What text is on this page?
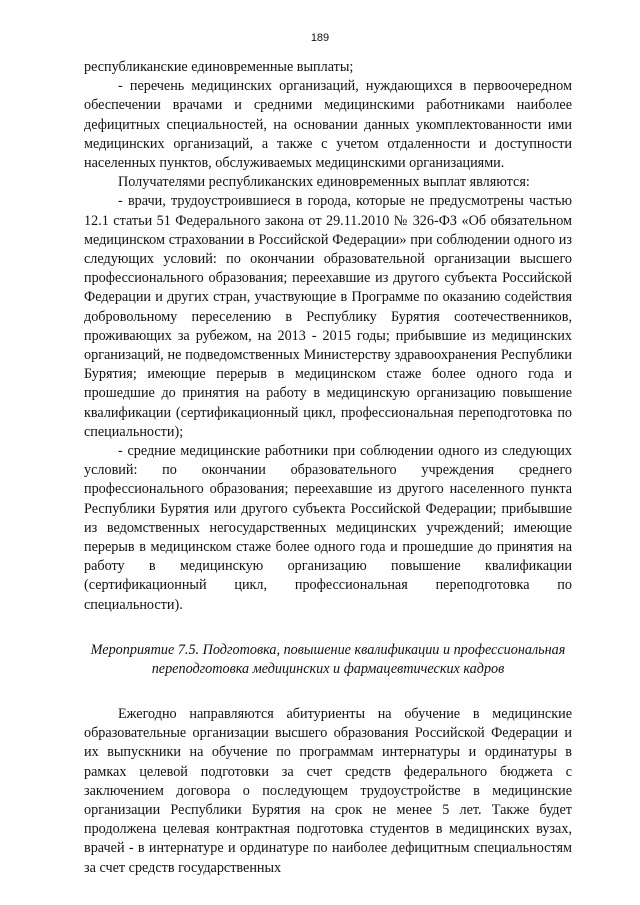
189

республиканские единовременные выплаты;

- перечень медицинских организаций, нуждающихся в первоочередном обеспечении врачами и средними медицинскими работниками наиболее дефицитных специальностей, на основании данных укомплектованности ими медицинских организаций, а также с учетом отдаленности и доступности населенных пунктов, обслуживаемых медицинскими организациями.

Получателями республиканских единовременных выплат являются:

- врачи, трудоустроившиеся в города, которые не предусмотрены частью 12.1 статьи 51 Федерального закона от 29.11.2010 № 326-ФЗ «Об обязательном медицинском страховании в Российской Федерации» при соблюдении одного из следующих условий: по окончании образовательной организации высшего профессионального образования; переехавшие из другого субъекта Российской Федерации и других стран, участвующие в Программе по оказанию содействия добровольному переселению в Республику Бурятия соотечественников, проживающих за рубежом, на 2013 - 2015 годы; прибывшие из медицинских организаций, не подведомственных Министерству здравоохранения Республики Бурятия; имеющие перерыв в медицинском стаже более одного года и прошедшие до принятия на работу в медицинскую организацию повышение квалификации (сертификационный цикл, профессиональная переподготовка по специальности);

- средние медицинские работники при соблюдении одного из следующих условий: по окончании образовательного учреждения среднего профессионального образования; переехавшие из другого населенного пункта Республики Бурятия или другого субъекта Российской Федерации; прибывшие из ведомственных негосударственных медицинских учреждений; имеющие перерыв в медицинском стаже более одного года и прошедшие до принятия на работу в медицинскую организацию повышение квалификации (сертификационный цикл, профессиональная переподготовка по специальности).

Мероприятие 7.5. Подготовка, повышение квалификации и профессиональная переподготовка медицинских и фармацевтических кадров

Ежегодно направляются абитуриенты на обучение в медицинские образовательные организации высшего образования Российской Федерации и их выпускники на обучение по программам интернатуры и ординатуры в рамках целевой подготовки за счет средств федерального бюджета с заключением договора о последующем трудоустройстве в медицинские организации Республики Бурятия на срок не менее 5 лет. Также будет продолжена целевая контрактная подготовка студентов в медицинских вузах, врачей - в интернатуре и ординатуре по наиболее дефицитным специальностям за счет средств государственных
